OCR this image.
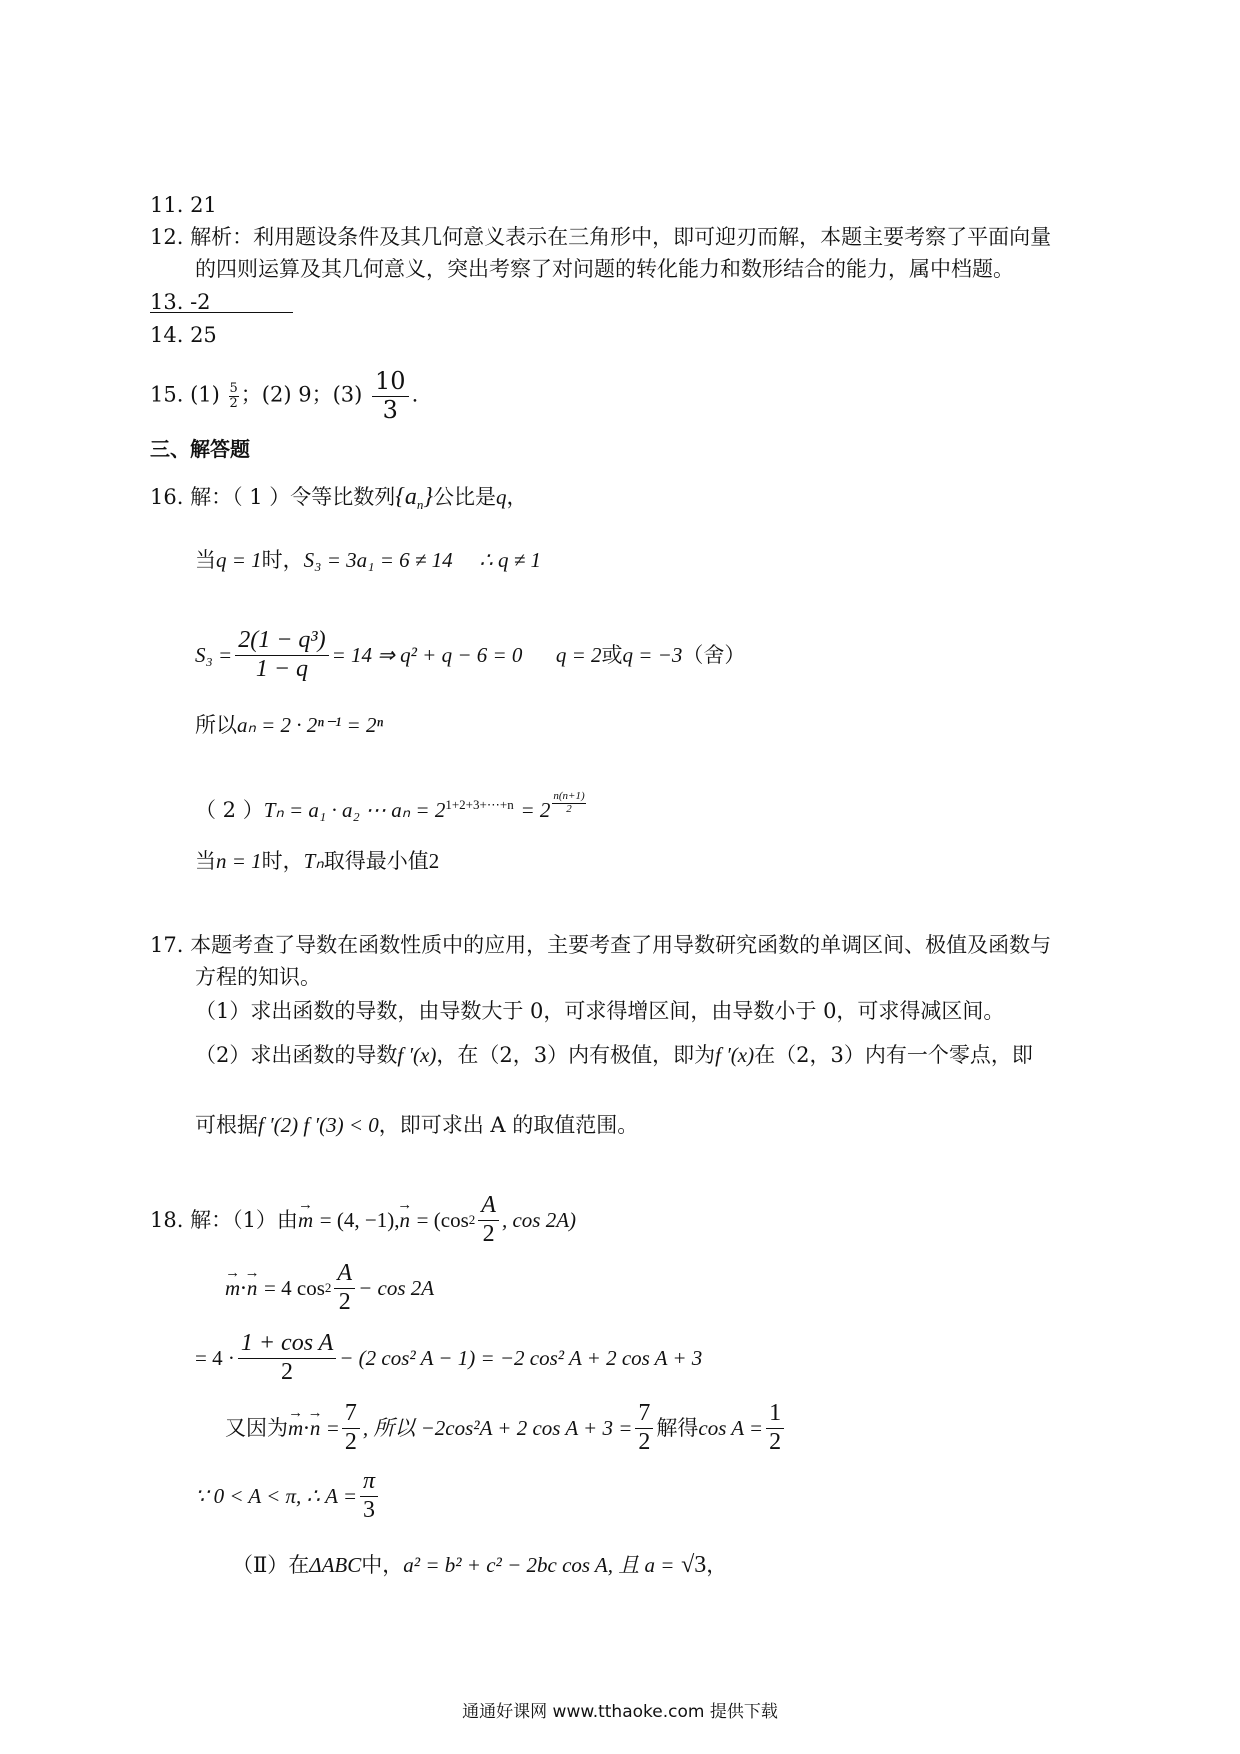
11. 21
12. 解析：利用题设条件及其几何意义表示在三角形中，即可迎刃而解，本题主要考察了平面向量
的四则运算及其几何意义，突出考察了对问题的转化能力和数形结合的能力，属中档题。
13. -2
14. 25
15. $(1) \frac{5}{2}$ ；(2) 9；$(3) \frac{10}{3}$ .
三、解答题
16. 解：（ 1 ）令等比数列$\{a_n\}$公比是q，
当q = 1时，S₃ = 3a₁ = 6 ≠ 14 ∴ q ≠ 1
$S_3 = \frac{\text{2(1 − q³)}}{1 - q} = 14$ ⇒ q² + q − 6 = 0
q = 2 或 q = −3 （舍）
所以aₙ = 2 · 2ⁿ⁻¹ = 2ⁿ
（ 2 ）Tₙ = a₁ · a₂ ⋯ $a_n = 2^{1+2+3+\cdots+n} = 2 \frac{n(n+1)}{2}$
当n = 1时，Tₙ取得最小值2
17. 本题考查了导数在函数性质中的应用，主要考查了用导数研究函数的单调区间、极值及函数与
方程的知识。
（1）求出函数的导数，由导数大于 0，可求得增区间，由导数小于 0，可求得减区间。
（2）求出函数的导数f ′(x)，在（2，3）内有极值，即为f ′(x)在（2，3）内有一个零点，即
可根据f ′(2) f ′(3) < 0，即可求出 A 的取值范围。
18. 解：（1）由 → m
= (4, −1), → n
= (cos $2 \frac{A}{2}$ , cos 2A)
→ m · → n
= 4 $\cos 2 \frac{A}{2} - \cos 2A$
= $4 \cdot \frac{\text{1 + cos A}}{2} - (2$ cos² A − 1) = −2 cos² A + 2 cos A + 3
又因为 → m · → n
= $\frac{7}{2}$ , 所以 −2cos²A + 2 $\cos A + 3 = \frac{7}{2}$ 解得 $\cos A = \frac{1}{2}$
∵ 0 < A < π, ∴ $A = \frac{\pi}{3}$
（Ⅱ）在ΔABC中，a² = b² + c² − 2bc cos A, 且 a = √3，
通通好课网 www.tthaoke.com 提供下载
